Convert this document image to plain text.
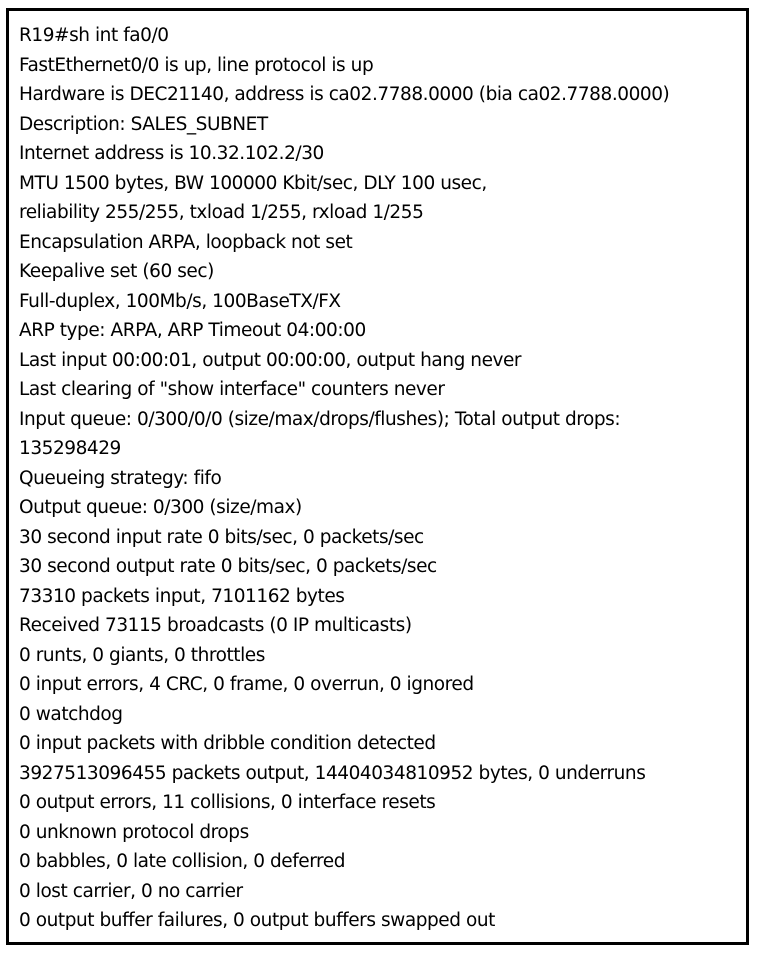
R19#sh int fa0/0
FastEthernet0/0 is up, line protocol is up
Hardware is DEC21140, address is ca02.7788.0000 (bia ca02.7788.0000)
Description: SALES_SUBNET
Internet address is 10.32.102.2/30
MTU 1500 bytes, BW 100000 Kbit/sec, DLY 100 usec,
reliability 255/255, txload 1/255, rxload 1/255
Encapsulation ARPA, loopback not set
Keepalive set (60 sec)
Full-duplex, 100Mb/s, 100BaseTX/FX
ARP type: ARPA, ARP Timeout 04:00:00
Last input 00:00:01, output 00:00:00, output hang never
Last clearing of "show interface" counters never
Input queue: 0/300/0/0 (size/max/drops/flushes); Total output drops:
135298429
Queueing strategy: fifo
Output queue: 0/300 (size/max)
30 second input rate 0 bits/sec, 0 packets/sec
30 second output rate 0 bits/sec, 0 packets/sec
73310 packets input, 7101162 bytes
Received 73115 broadcasts (0 IP multicasts)
0 runts, 0 giants, 0 throttles
0 input errors, 4 CRC, 0 frame, 0 overrun, 0 ignored
0 watchdog
0 input packets with dribble condition detected
3927513096455 packets output, 14404034810952 bytes, 0 underruns
0 output errors, 11 collisions, 0 interface resets
0 unknown protocol drops
0 babbles, 0 late collision, 0 deferred
0 lost carrier, 0 no carrier
0 output buffer failures, 0 output buffers swapped out
